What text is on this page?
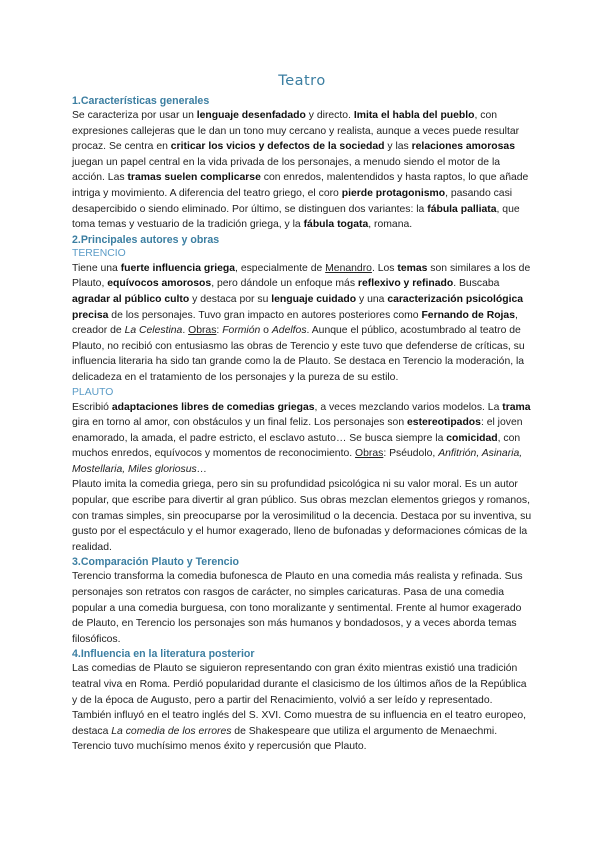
Teatro
1.Características generales

Se caracteriza por usar un lenguaje desenfadado y directo. Imita el habla del pueblo, con expresiones callejeras que le dan un tono muy cercano y realista, aunque a veces puede resultar procaz. Se centra en criticar los vicios y defectos de la sociedad y las relaciones amorosas juegan un papel central en la vida privada de los personajes, a menudo siendo el motor de la acción. Las tramas suelen complicarse con enredos, malentendidos y hasta raptos, lo que añade intriga y movimiento. A diferencia del teatro griego, el coro pierde protagonismo, pasando casi desapercibido o siendo eliminado. Por último, se distinguen dos variantes: la fábula palliata, que toma temas y vestuario de la tradición griega, y la fábula togata, romana.

2.Principales autores y obras
TERENCIO

Tiene una fuerte influencia griega, especialmente de Menandro. Los temas son similares a los de Plauto, equívocos amorosos, pero dándole un enfoque más reflexivo y refinado. Buscaba agradar al público culto y destaca por su lenguaje cuidado y una caracterización psicológica precisa de los personajes. Tuvo gran impacto en autores posteriores como Fernando de Rojas, creador de La Celestina. Obras: Formión o Adelfos. Aunque el público, acostumbrado al teatro de Plauto, no recibió con entusiasmo las obras de Terencio y este tuvo que defenderse de críticas, su influencia literaria ha sido tan grande como la de Plauto. Se destaca en Terencio la moderación, la delicadeza en el tratamiento de los personajes y la pureza de su estilo.

PLAUTO

Escribió adaptaciones libres de comedias griegas, a veces mezclando varios modelos. La trama gira en torno al amor, con obstáculos y un final feliz. Los personajes son estereotipados: el joven enamorado, la amada, el padre estricto, el esclavo astuto… Se busca siempre la comicidad, con muchos enredos, equívocos y momentos de reconocimiento. Obras: Pséudolo, Anfitrión, Asinaria, Mostellaria, Miles gloriosus…

Plauto imita la comedia griega, pero sin su profundidad psicológica ni su valor moral. Es un autor popular, que escribe para divertir al gran público. Sus obras mezclan elementos griegos y romanos, con tramas simples, sin preocuparse por la verosimilitud o la decencia. Destaca por su inventiva, su gusto por el espectáculo y el humor exagerado, lleno de bufonadas y deformaciones cómicas de la realidad.

3.Comparación Plauto y Terencio

Terencio transforma la comedia bufonesca de Plauto en una comedia más realista y refinada. Sus personajes son retratos con rasgos de carácter, no simples caricaturas. Pasa de una comedia popular a una comedia burguesa, con tono moralizante y sentimental. Frente al humor exagerado de Plauto, en Terencio los personajes son más humanos y bondadosos, y a veces aborda temas filosóficos.

4.Influencia en la literatura posterior

Las comedias de Plauto se siguieron representando con gran éxito mientras existió una tradición teatral viva en Roma. Perdió popularidad durante el clasicismo de los últimos años de la República y de la época de Augusto, pero a partir del Renacimiento, volvió a ser leído y representado. También influyó en el teatro inglés del S. XVI. Como muestra de su influencia en el teatro europeo, destaca La comedia de los errores de Shakespeare que utiliza el argumento de Menaechmi.

Terencio tuvo muchísimo menos éxito y repercusión que Plauto.
